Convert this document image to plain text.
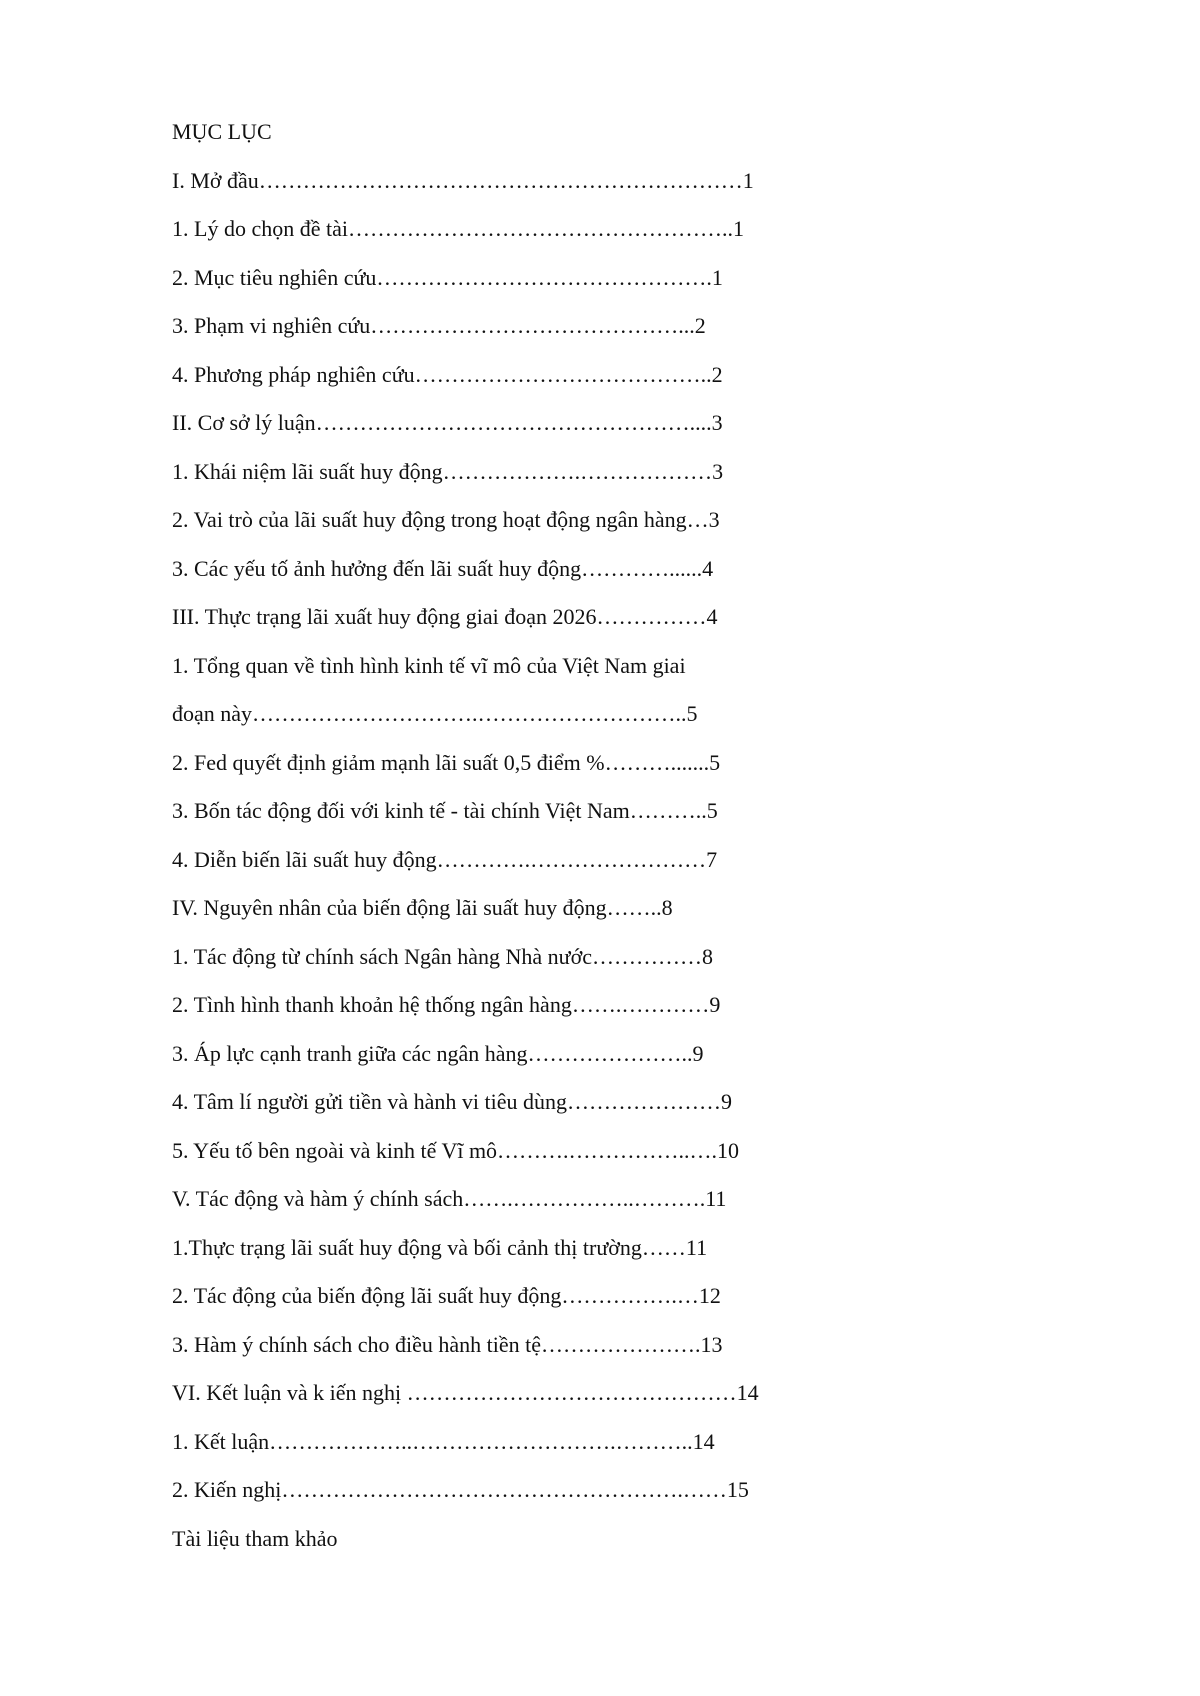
MỤC LỤC
I. Mở đầu…………………………………………………………1
1. Lý do chọn đề tài……………………………………………..1
2. Mục tiêu nghiên cứu……………………………………….1
3. Phạm vi nghiên cứu……………………………………...2
4. Phương pháp nghiên cứu…………………………………..2
II. Cơ sở lý luận……………………………………………....3
1. Khái niệm lãi suất huy động……………….………………3
2. Vai trò của lãi suất huy động trong hoạt động ngân hàng…3
3. Các yếu tố ảnh hưởng đến lãi suất huy động…………......4
III. Thực trạng lãi xuất huy động giai đoạn 2026……………4
1. Tổng quan về tình hình kinh tế vĩ mô của Việt Nam giai
đoạn này………………………….………………………..5
2. Fed quyết định giảm mạnh lãi suất 0,5 điểm %……….......5
3. Bốn tác động đối với kinh tế - tài chính Việt Nam………..5
4. Diễn biến lãi suất huy động………….……………………7
IV. Nguyên nhân của biến động lãi suất huy động……..8
1. Tác động từ chính sách Ngân hàng Nhà nước……………8
2. Tình hình thanh khoản hệ thống ngân hàng…….…………9
3. Áp lực cạnh tranh giữa các ngân hàng…………………..9
4. Tâm lí người gửi tiền và hành vi tiêu dùng…………………9
5. Yếu tố bên ngoài và kinh tế Vĩ mô……….……………..….10
V. Tác động và hàm ý chính sách…….……………..……….11
1.Thực trạng lãi suất huy động và bối cảnh thị trường……11
2. Tác động của biến động lãi suất huy động…………….…12
3. Hàm ý chính sách cho điều hành tiền tệ………………….13
VI. Kết luận và k iến nghị ………………………………………14
1. Kết luận………………..……………………….………..14
2. Kiến nghị……………………………………………….……15
Tài liệu tham khảo
